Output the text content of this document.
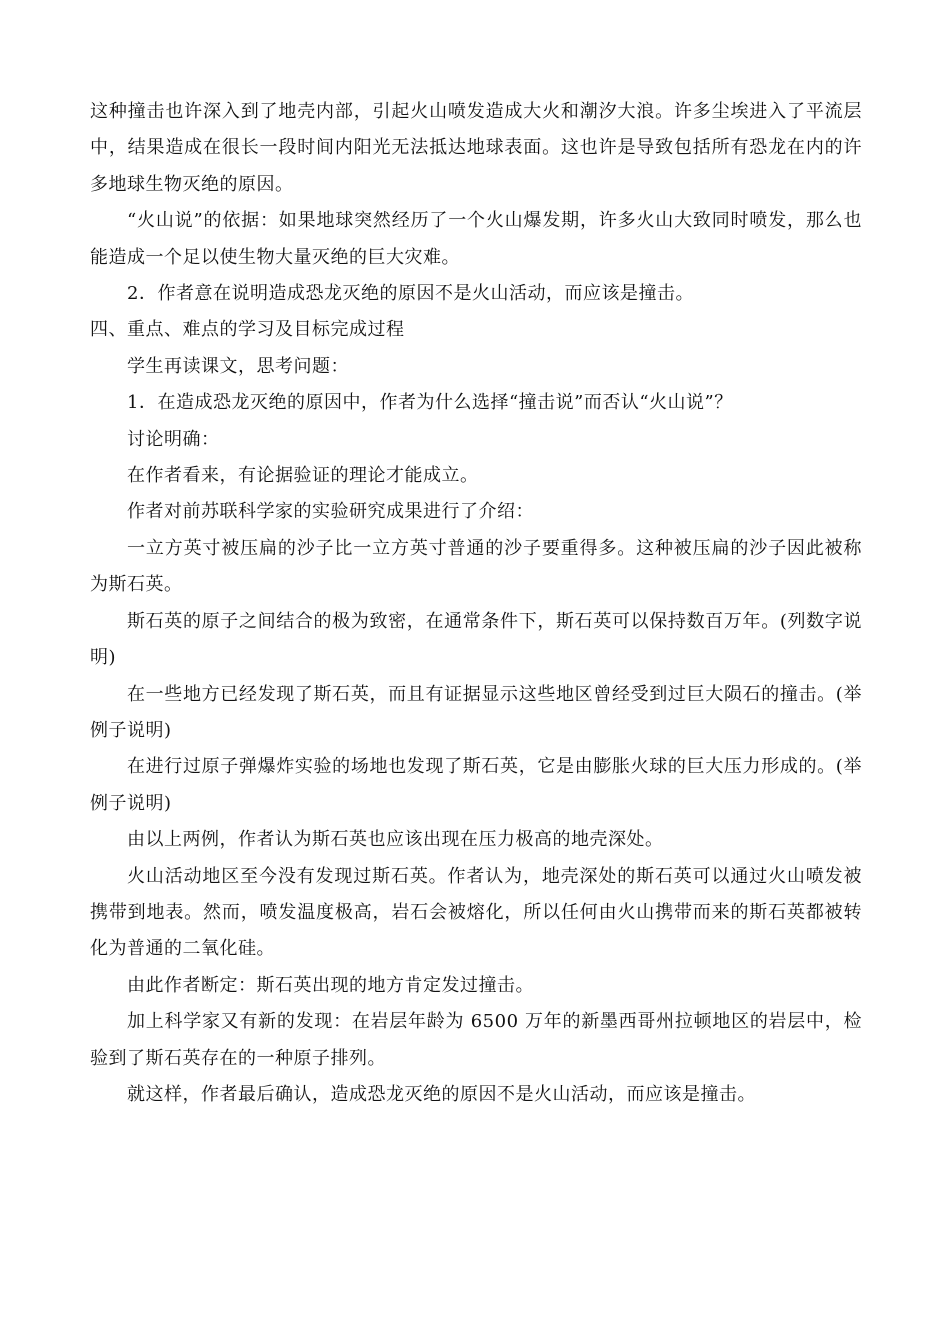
这种撞击也许深入到了地壳内部，引起火山喷发造成大火和潮汐大浪。许多尘埃进入了平流层中，结果造成在很长一段时间内阳光无法抵达地球表面。这也许是导致包括所有恐龙在内的许多地球生物灭绝的原因。

“火山说”的依据：如果地球突然经历了一个火山爆发期，许多火山大致同时喷发，那么也能造成一个足以使生物大量灭绝的巨大灾难。

2．作者意在说明造成恐龙灭绝的原因不是火山活动，而应该是撞击。

四、重点、难点的学习及目标完成过程

学生再读课文，思考问题：

1．在造成恐龙灭绝的原因中，作者为什么选择“撞击说”而否认“火山说”？

讨论明确：

在作者看来，有论据验证的理论才能成立。

作者对前苏联科学家的实验研究成果进行了介绍：

一立方英寸被压扁的沙子比一立方英寸普通的沙子要重得多。这种被压扁的沙子因此被称为斯石英。

斯石英的原子之间结合的极为致密，在通常条件下，斯石英可以保持数百万年。(列数字说明)

在一些地方已经发现了斯石英，而且有证据显示这些地区曾经受到过巨大陨石的撞击。(举例子说明)

在进行过原子弹爆炸实验的场地也发现了斯石英，它是由膨胀火球的巨大压力形成的。(举例子说明)

由以上两例，作者认为斯石英也应该出现在压力极高的地壳深处。

火山活动地区至今没有发现过斯石英。作者认为，地壳深处的斯石英可以通过火山喷发被携带到地表。然而，喷发温度极高，岩石会被熔化，所以任何由火山携带而来的斯石英都被转化为普通的二氧化硅。

由此作者断定：斯石英出现的地方肯定发过撞击。

加上科学家又有新的发现：在岩层年龄为 6500 万年的新墨西哥州拉顿地区的岩层中，检验到了斯石英存在的一种原子排列。

就这样，作者最后确认，造成恐龙灭绝的原因不是火山活动，而应该是撞击。
